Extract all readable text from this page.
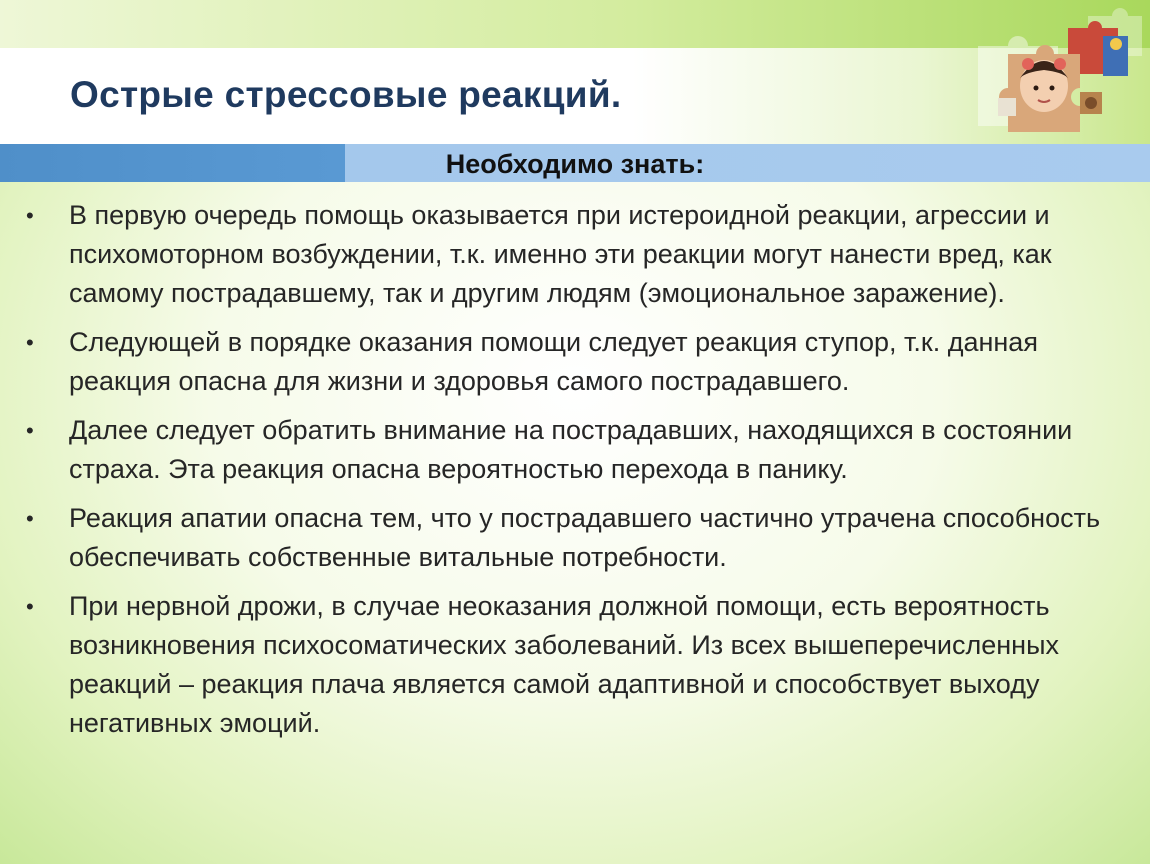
Острые стрессовые реакций.
Необходимо знать:
• В первую очередь помощь оказывается при истероидной реакции, агрессии и психомоторном возбуждении, т.к. именно эти реакции могут нанести вред, как самому пострадавшему, так и другим людям (эмоциональное заражение).
• Следующей в порядке оказания помощи следует реакция ступор, т.к. данная реакция опасна для жизни и здоровья самого пострадавшего.
• Далее следует обратить внимание на пострадавших, находящихся в состоянии страха. Эта реакция опасна вероятностью перехода в панику.
• Реакция апатии опасна тем, что у пострадавшего частично утрачена способность обеспечивать собственные витальные потребности.
• При нервной дрожи, в случае неоказания должной помощи, есть вероятность возникновения психосоматических заболеваний. Из всех вышеперечисленных реакций – реакция плача является самой адаптивной и способствует выходу негативных эмоций.
